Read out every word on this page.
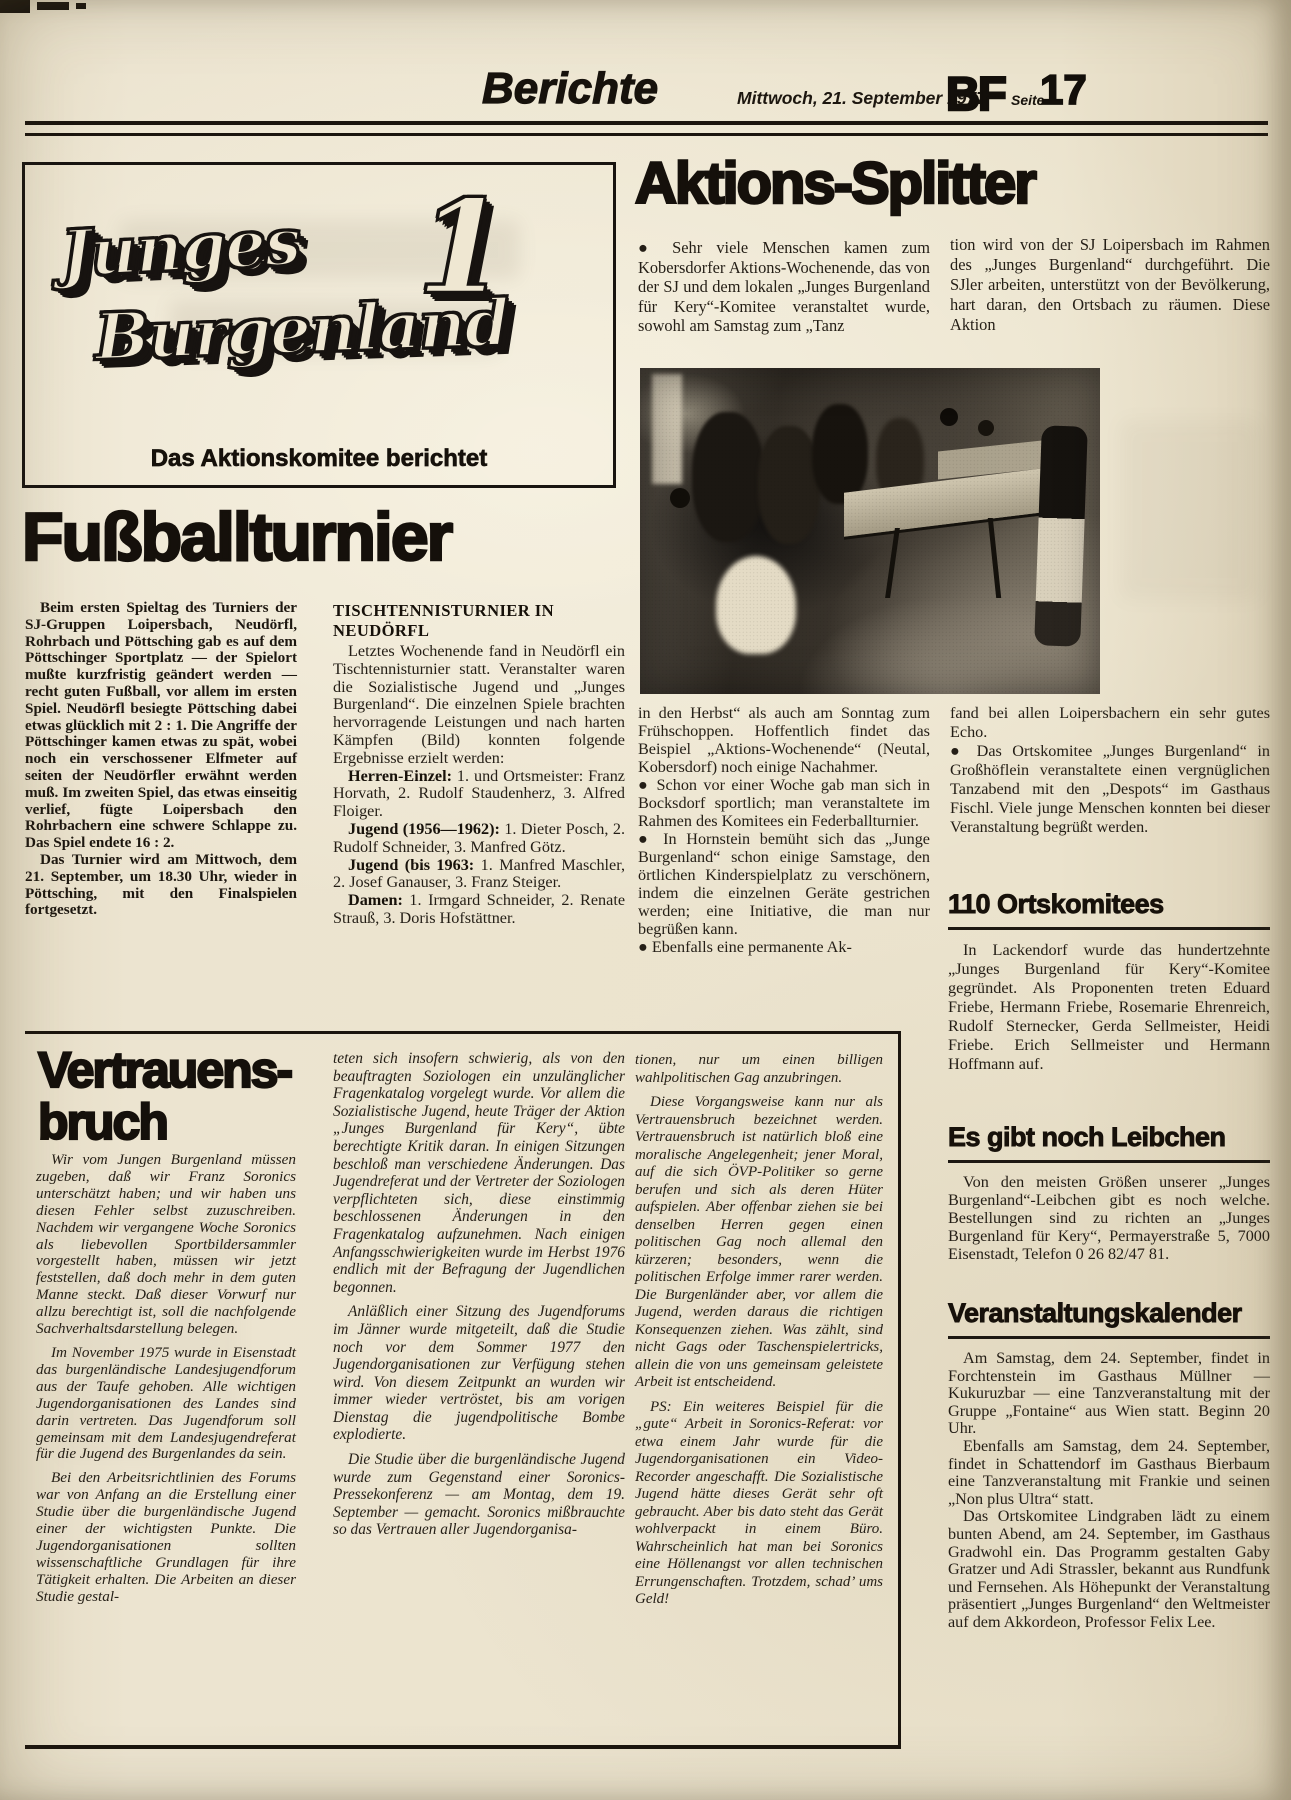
Berichte	Mittwoch, 21. September 1977
BF Seite
17
Junges 1
Burgenland
Das Aktionskomitee berichtet
Fußballturnier

Beim ersten Spieltag des Turniers der SJ-Gruppen Loipersbach, Neudörfl, Rohrbach und Pöttsching gab es auf dem Pöttschinger Sportplatz — der Spielort mußte kurzfristig geändert werden — recht guten Fußball, vor allem im ersten Spiel. Neudörfl besiegte Pöttsching dabei etwas glücklich mit 2 : 1. Die Angriffe der Pöttschinger kamen etwas zu spät, wobei noch ein verschossener Elfmeter auf seiten der Neudörfler erwähnt werden muß. Im zweiten Spiel, das etwas einseitig verlief, fügte Loipersbach den Rohrbachern eine schwere Schlappe zu. Das Spiel endete 16 : 2.

Das Turnier wird am Mittwoch, dem 21. September, um 18.30 Uhr, wieder in Pöttsching, mit den Finalspielen fortgesetzt.

TISCHTENNISTURNIER IN NEUDÖRFL

Letztes Wochenende fand in Neudörfl ein Tischtennisturnier statt. Veranstalter waren die Sozialistische Jugend und „Junges Burgenland“. Die einzelnen Spiele brachten hervorragende Leistungen und nach harten Kämpfen (Bild) konnten folgende Ergebnisse erzielt werden:

Herren-Einzel: 1. und Ortsmeister: Franz Horvath, 2. Rudolf Staudenherz, 3. Alfred Floiger.

Jugend (1956—1962): 1. Dieter Posch, 2. Rudolf Schneider, 3. Manfred Götz.

Jugend (bis 1963: 1. Manfred Maschler, 2. Josef Ganauser, 3. Franz Steiger.

Damen: 1. Irmgard Schneider, 2. Renate Strauß, 3. Doris Hofstättner.

Aktions-Splitter

● Sehr viele Menschen kamen zum Kobersdorfer Aktions-Wochenende, das von der SJ und dem lokalen „Junges Burgenland für Kery“-Komitee veranstaltet wurde, sowohl am Samstag zum „Tanz

tion wird von der SJ Loipersbach im Rahmen des „Junges Burgenland“ durchgeführt. Die SJler arbeiten, unterstützt von der Bevölkerung, hart daran, den Ortsbach zu räumen. Diese Aktion

in den Herbst“ als auch am Sonntag zum Frühschoppen. Hoffentlich findet das Beispiel „Aktions-Wochenende“ (Neutal, Kobersdorf) noch einige Nachahmer.

● Schon vor einer Woche gab man sich in Bocksdorf sportlich; man veranstaltete im Rahmen des Komitees ein Federballturnier.

● In Hornstein bemüht sich das „Junge Burgenland“ schon einige Samstage, den örtlichen Kinderspielplatz zu verschönern, indem die einzelnen Geräte gestrichen werden; eine Initiative, die man nur begrüßen kann.

● Ebenfalls eine permanente Ak-

fand bei allen Loipersbachern ein sehr gutes Echo.

● Das Ortskomitee „Junges Burgenland“ in Großhöflein veranstaltete einen vergnüglichen Tanzabend mit den „Despots“ im Gasthaus Fischl. Viele junge Menschen konnten bei dieser Veranstaltung begrüßt werden.

110 Ortskomitees

In Lackendorf wurde das hundertzehnte „Junges Burgenland für Kery“-Komitee gegründet. Als Proponenten treten Eduard Friebe, Hermann Friebe, Rosemarie Ehrenreich, Rudolf Sternecker, Gerda Sellmeister, Heidi Friebe. Erich Sellmeister und Hermann Hoffmann auf.

Es gibt noch Leibchen

Von den meisten Größen unserer „Junges Burgenland“-Leibchen gibt es noch welche. Bestellungen sind zu richten an „Junges Burgenland für Kery“, Permayerstraße 5, 7000 Eisenstadt, Telefon 0 26 82/47 81.

Veranstaltungskalender

Am Samstag, dem 24. September, findet in Forchtenstein im Gasthaus Müllner — Kukuruzbar — eine Tanzveranstaltung mit der Gruppe „Fontaine“ aus Wien statt. Beginn 20 Uhr.

Ebenfalls am Samstag, dem 24. September, findet in Schattendorf im Gasthaus Bierbaum eine Tanzveranstaltung mit Frankie und seinen „Non plus Ultra“ statt.

Das Ortskomitee Lindgraben lädt zu einem bunten Abend, am 24. September, im Gasthaus Gradwohl ein. Das Programm gestalten Gaby Gratzer und Adi Strassler, bekannt aus Rundfunk und Fernsehen. Als Höhepunkt der Veranstaltung präsentiert „Junges Burgenland“ den Weltmeister auf dem Akkordeon, Professor Felix Lee.

Vertrauens-
bruch

Wir vom Jungen Burgenland müssen zugeben, daß wir Franz Soronics unterschätzt haben; und wir haben uns diesen Fehler selbst zuzuschreiben. Nachdem wir vergangene Woche Soronics als liebevollen Sportbildersammler vorgestellt haben, müssen wir jetzt feststellen, daß doch mehr in dem guten Manne steckt. Daß dieser Vorwurf nur allzu berechtigt ist, soll die nachfolgende Sachverhaltsdarstellung belegen.

Im November 1975 wurde in Eisenstadt das burgenländische Landesjugendforum aus der Taufe gehoben. Alle wichtigen Jugendorganisationen des Landes sind darin vertreten. Das Jugendforum soll gemeinsam mit dem Landesjugendreferat für die Jugend des Burgenlandes da sein.

Bei den Arbeitsrichtlinien des Forums war von Anfang an die Erstellung einer Studie über die burgenländische Jugend einer der wichtigsten Punkte. Die Jugendorganisationen sollten wissenschaftliche Grundlagen für ihre Tätigkeit erhalten. Die Arbeiten an dieser Studie gestal-

teten sich insofern schwierig, als von den beauftragten Soziologen ein unzulänglicher Fragenkatalog vorgelegt wurde. Vor allem die Sozialistische Jugend, heute Träger der Aktion „Junges Burgenland für Kery“, übte berechtigte Kritik daran. In einigen Sitzungen beschloß man verschiedene Änderungen. Das Jugendreferat und der Vertreter der Soziologen verpflichteten sich, diese einstimmig beschlossenen Änderungen in den Fragenkatalog aufzunehmen. Nach einigen Anfangsschwierigkeiten wurde im Herbst 1976 endlich mit der Befragung der Jugendlichen begonnen.

Anläßlich einer Sitzung des Jugendforums im Jänner wurde mitgeteilt, daß die Studie noch vor dem Sommer 1977 den Jugendorganisationen zur Verfügung stehen wird. Von diesem Zeitpunkt an wurden wir immer wieder vertröstet, bis am vorigen Dienstag die jugendpolitische Bombe explodierte.

Die Studie über die burgenländische Jugend wurde zum Gegenstand einer Soronics-Pressekonferenz — am Montag, dem 19. September — gemacht. Soronics mißbrauchte so das Vertrauen aller Jugendorganisa-

tionen, nur um einen billigen wahlpolitischen Gag anzubringen.

Diese Vorgangsweise kann nur als Vertrauensbruch bezeichnet werden. Vertrauensbruch ist natürlich bloß eine moralische Angelegenheit; jener Moral, auf die sich ÖVP-Politiker so gerne berufen und sich als deren Hüter aufspielen. Aber offenbar ziehen sie bei denselben Herren gegen einen politischen Gag noch allemal den kürzeren; besonders, wenn die politischen Erfolge immer rarer werden. Die Burgenländer aber, vor allem die Jugend, werden daraus die richtigen Konsequenzen ziehen. Was zählt, sind nicht Gags oder Taschenspielertricks, allein die von uns gemeinsam geleistete Arbeit ist entscheidend.

PS: Ein weiteres Beispiel für die „gute“ Arbeit in Soronics-Referat: vor etwa einem Jahr wurde für die Jugendorganisationen ein Video-Recorder angeschafft. Die Sozialistische Jugend hätte dieses Gerät sehr oft gebraucht. Aber bis dato steht das Gerät wohlverpackt in einem Büro. Wahrscheinlich hat man bei Soronics eine Höllenangst vor allen technischen Errungenschaften. Trotzdem, schad’ ums Geld!
